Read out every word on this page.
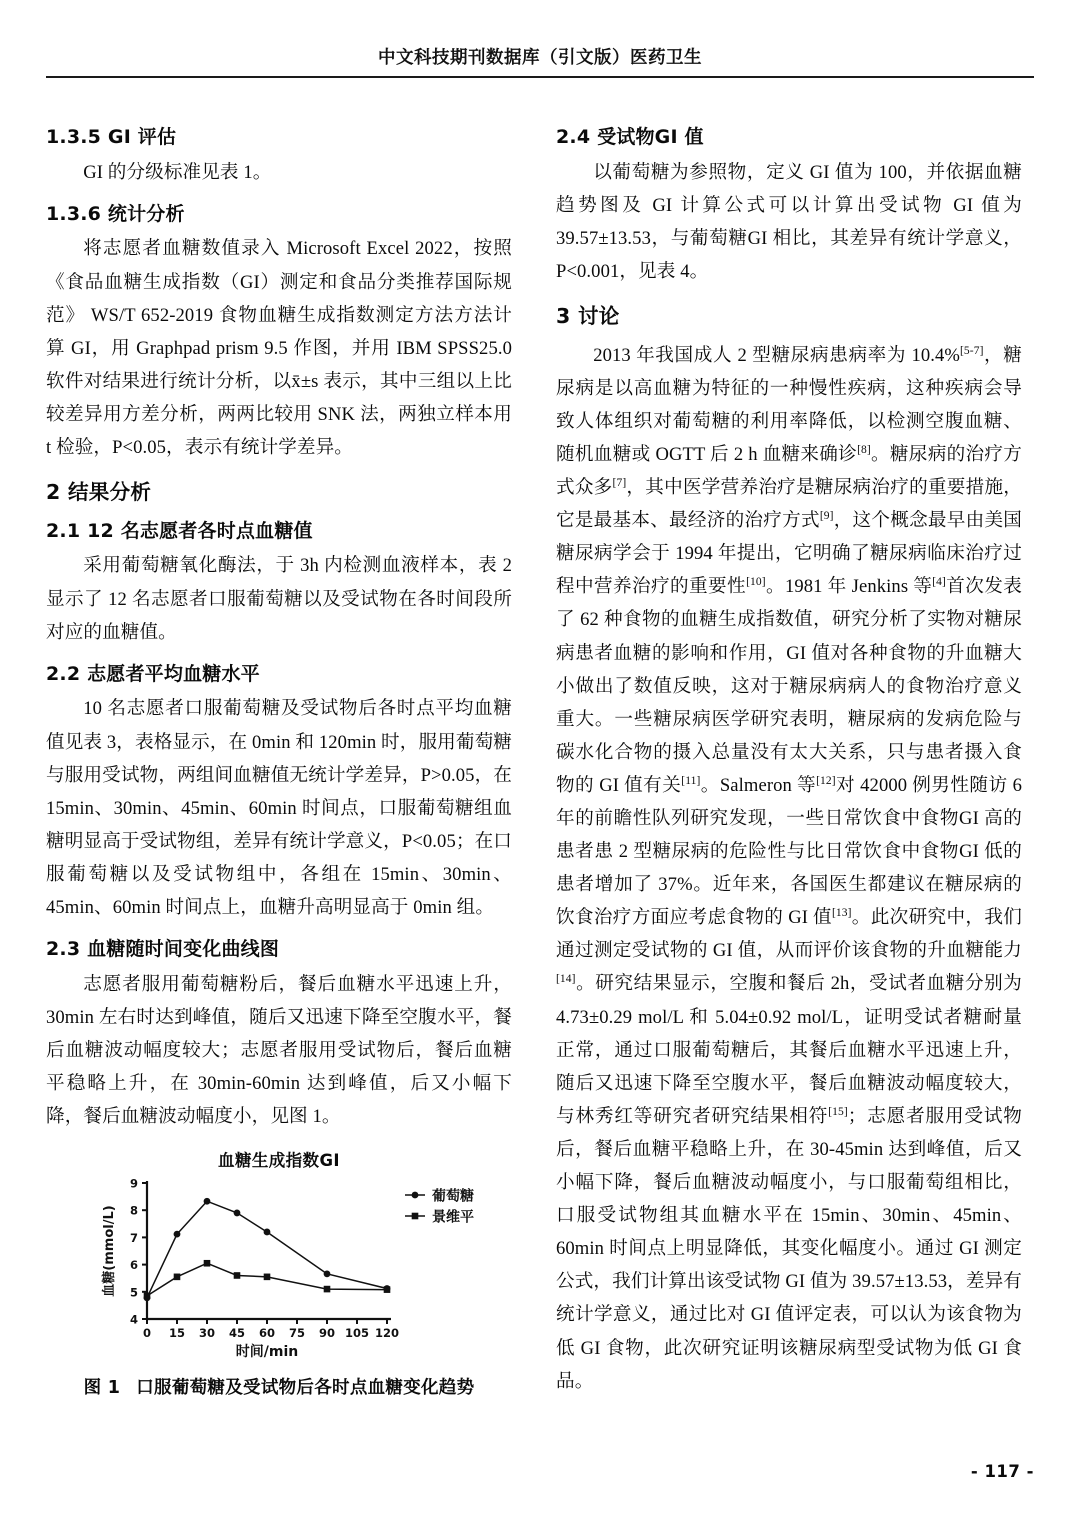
中文科技期刊数据库（引文版）医药卫生
1.3.5 GI 评估

GI 的分级标准见表 1。

1.3.6 统计分析

将志愿者血糖数值录入 Microsoft Excel 2022，按照《食品血糖生成指数（GI）测定和食品分类推荐国际规范》 WS/T 652-2019 食物血糖生成指数测定方法方法计算 GI，用 Graphpad prism 9.5 作图，并用 IBM SPSS25.0 软件对结果进行统计分析，以x̄±s 表示，其中三组以上比较差异用方差分析，两两比较用 SNK 法，两独立样本用 t 检验，P<0.05，表示有统计学差异。

2 结果分析
2.1 12 名志愿者各时点血糖值

采用葡萄糖氧化酶法，于 3h 内检测血液样本，表 2 显示了 12 名志愿者口服葡萄糖以及受试物在各时间段所对应的血糖值。

2.2 志愿者平均血糖水平

10 名志愿者口服葡萄糖及受试物后各时点平均血糖值见表 3，表格显示，在 0min 和 120min 时，服用葡萄糖与服用受试物，两组间血糖值无统计学差异，P>0.05，在 15min、30min、45min、60min 时间点，口服葡萄糖组血糖明显高于受试物组，差异有统计学意义，P<0.05；在口服葡萄糖以及受试物组中，各组在 15min、30min、45min、60min 时间点上，血糖升高明显高于 0min 组。

2.3 血糖随时间变化曲线图

志愿者服用葡萄糖粉后，餐后血糖水平迅速上升，30min 左右时达到峰值，随后又迅速下降至空腹水平，餐后血糖波动幅度较大；志愿者服用受试物后，餐后血糖平稳略上升，在 30min-60min 达到峰值，后又小幅下降，餐后血糖波动幅度小，见图 1。

血糖生成指数GI
4
5
6
7
8
9
0 15 30 45 60 75 90 105 120
时间/min
血糖(mmol/L)
葡萄糖
景维平
图 1 口服葡萄糖及受试物后各时点血糖变化趋势
2.4 受试物GI 值

以葡萄糖为参照物，定义 GI 值为 100，并依据血糖趋势图及 GI 计算公式可以计算出受试物 GI 值为 39.57±13.53，与葡萄糖GI 相比，其差异有统计学意义，P<0.001，见表 4。

3 讨论

2013 年我国成人 2 型糖尿病患病率为 10.4%[5-7]，糖尿病是以高血糖为特征的一种慢性疾病，这种疾病会导致人体组织对葡萄糖的利用率降低，以检测空腹血糖、随机血糖或 OGTT 后 2 h 血糖来确诊[8]。糖尿病的治疗方式众多[7]，其中医学营养治疗是糖尿病治疗的重要措施，它是最基本、最经济的治疗方式[9]，这个概念最早由美国糖尿病学会于 1994 年提出，它明确了糖尿病临床治疗过程中营养治疗的重要性[10]。1981 年 Jenkins 等[4]首次发表了 62 种食物的血糖生成指数值，研究分析了实物对糖尿病患者血糖的影响和作用，GI 值对各种食物的升血糖大小做出了数值反映，这对于糖尿病病人的食物治疗意义重大。一些糖尿病医学研究表明，糖尿病的发病危险与碳水化合物的摄入总量没有太大关系，只与患者摄入食物的 GI 值有关[11]。Salmeron 等[12]对 42000 例男性随访 6 年的前瞻性队列研究发现，一些日常饮食中食物GI 高的患者患 2 型糖尿病的危险性与比日常饮食中食物GI 低的患者增加了 37%。近年来，各国医生都建议在糖尿病的饮食治疗方面应考虑食物的 GI 值[13]。此次研究中，我们通过测定受试物的 GI 值，从而评价该食物的升血糖能力[14]。研究结果显示，空腹和餐后 2h，受试者血糖分别为 4.73±0.29 mol/L 和 5.04±0.92 mol/L，证明受试者糖耐量正常，通过口服葡萄糖后，其餐后血糖水平迅速上升，随后又迅速下降至空腹水平，餐后血糖波动幅度较大，与林秀红等研究者研究结果相符[15]；志愿者服用受试物后，餐后血糖平稳略上升，在 30-45min 达到峰值，后又小幅下降，餐后血糖波动幅度小，与口服葡萄组相比，口服受试物组其血糖水平在 15min、30min、45min、60min 时间点上明显降低，其变化幅度小。通过 GI 测定公式，我们计算出该受试物 GI 值为 39.57±13.53，差异有统计学意义，通过比对 GI 值评定表，可以认为该食物为低 GI 食物，此次研究证明该糖尿病型受试物为低 GI 食品。

- 117 -
